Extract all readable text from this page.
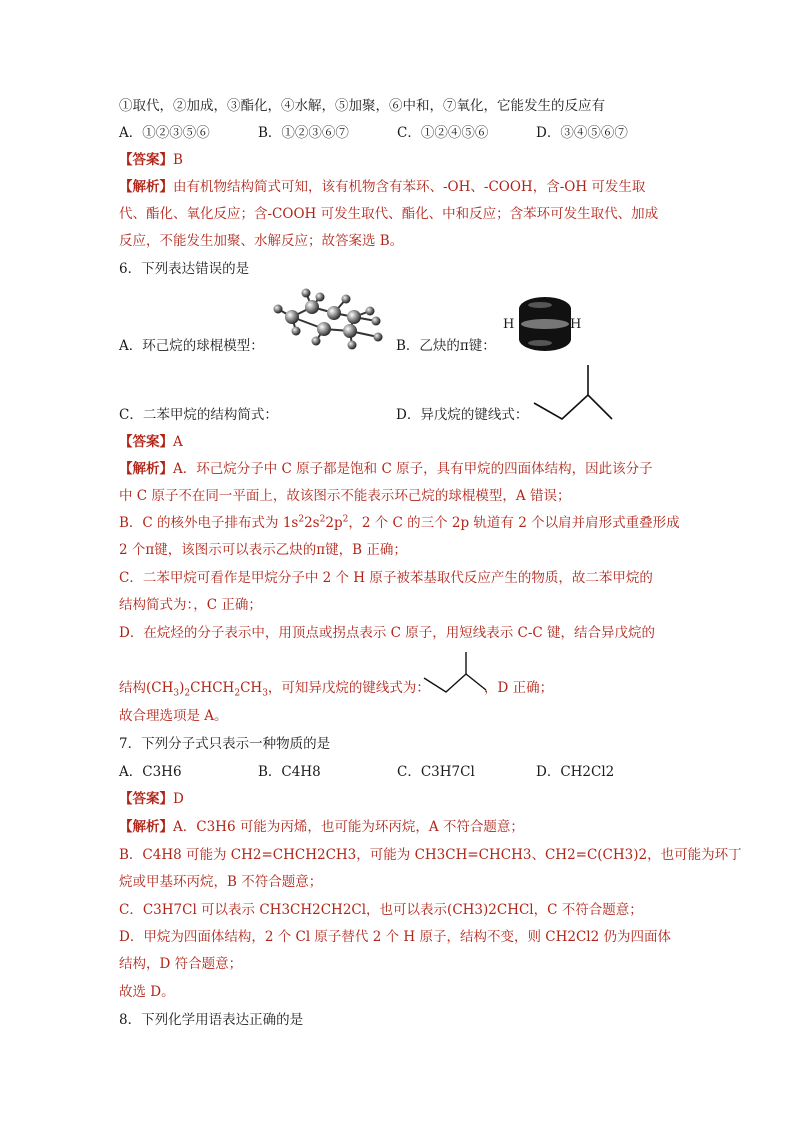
①取代，②加成，③酯化，④水解，⑤加聚，⑥中和，⑦氧化，它能发生的反应有
A．①②③⑤⑥	B．①②③⑥⑦	C．①②④⑤⑥	D．③④⑤⑥⑦
【答案】B
【解析】由有机物结构简式可知，该有机物含有苯环、-OH、-COOH，含-OH 可发生取
代、酯化、氧化反应；含-COOH 可发生取代、酯化、中和反应；含苯环可发生取代、加成
反应，不能发生加聚、水解反应；故答案选 B。
6．下列表达错误的是
A．环己烷的球棍模型：	B．乙炔的π键：
H	H
C．二苯甲烷的结构简式：	D．异戊烷的键线式：
【答案】A
【解析】A．环己烷分子中 C 原子都是饱和 C 原子，具有甲烷的四面体结构，因此该分子
中 C 原子不在同一平面上，故该图示不能表示环己烷的球棍模型，A 错误；
B．C 的核外电子排布式为 $1s^22s^22p^2$，2 个 C 的三个 2p 轨道有 2 个以肩并肩形式重叠形成
2 个π键，该图示可以表示乙炔的π键，B 正确；
C．二苯甲烷可看作是甲烷分子中 2 个 H 原子被苯基取代反应产生的物质，故二苯甲烷的
结构简式为：，C 正确；
D．在烷烃的分子表示中，用顶点或拐点表示 C 原子，用短线表示 C-C 键，结合异戊烷的
结构$(CH_3)_2CHCH_2CH_3$，可知异戊烷的键线式为：	，D 正确；
故合理选项是 A。
7．下列分子式只表示一种物质的是
A．C3H6	B．C4H8	C．C3H7Cl	D．CH2Cl2
【答案】D
【解析】A．C3H6 可能为丙烯，也可能为环丙烷，A 不符合题意；
B．C4H8 可能为 CH2=CHCH2CH3，可能为 CH3CH=CHCH3、CH2=C(CH3)2，也可能为环丁
烷或甲基环丙烷，B 不符合题意；
C．C3H7Cl 可以表示 CH3CH2CH2Cl，也可以表示(CH3)2CHCl，C 不符合题意；
D．甲烷为四面体结构，2 个 Cl 原子替代 2 个 H 原子，结构不变，则 CH2Cl2 仍为四面体
结构，D 符合题意；
故选 D。
8．下列化学用语表达正确的是
